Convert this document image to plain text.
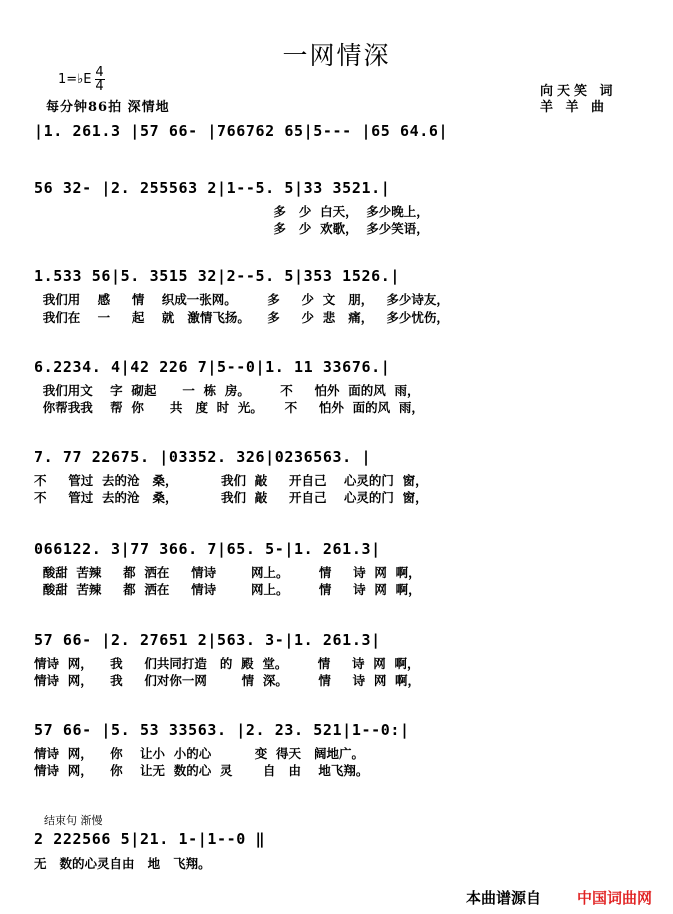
一网情深
1=♭E $\frac{4}{4}$
每分钟86拍 深情地
向天笑 词
羊 羊 曲
|1. 261.3 |57 66- |766762 65|5--- |65 64.6|
56 32- |2. 255563 2|1--5. 5|33 3521.|
多   少  白天，  多少晚上，
多   少  欢歌，  多少笑语，
1.533 56|5. 3515 32|2--5. 5|353 1526.|
我们用    感     情    织成一张网。       多     少  文   朋，   多少诗友，
我们在    一     起    就   激情飞扬。    多     少  悲   痛，   多少忧伤，
6.2234. 4|42 226 7|5--0|1. 11 33676.|
我们用文    字  砌起      一  栋  房。       不     怕外  面的风  雨，
你帮我我    帮  你      共   度  时  光。     不     怕外  面的风  雨，
7. 77 22675. |03352. 326|0236563. |
不     管过  去的沧   桑，          我们  敲     开自己    心灵的门  窗，
不     管过  去的沧   桑，          我们  敲     开自己    心灵的门  窗，
066122. 3|77 366. 7|65. 5-|1. 261.3|
酸甜  苦辣     都  洒在     情诗        网上。       情     诗  网  啊，
酸甜  苦辣     都  洒在     情诗        网上。       情     诗  网  啊，
57 66- |2. 27651 2|563. 3-|1. 261.3|
情诗  网，    我     们共同打造   的  殿  堂。       情     诗  网  啊，
情诗  网，    我     们对你一网        情  深。       情     诗  网  啊，
57 66- |5. 53 33563. |2. 23. 521|1--0:|
情诗  网，    你    让小  小的心          变  得天   阔地广。
情诗  网，    你    让无  数的心  灵       自   由    地飞翔。
结束句 渐慢
2 222566 5|21. 1-|1--0 ‖
无   数的心灵自由   地   飞翔。
本曲谱源自 中国词曲网
